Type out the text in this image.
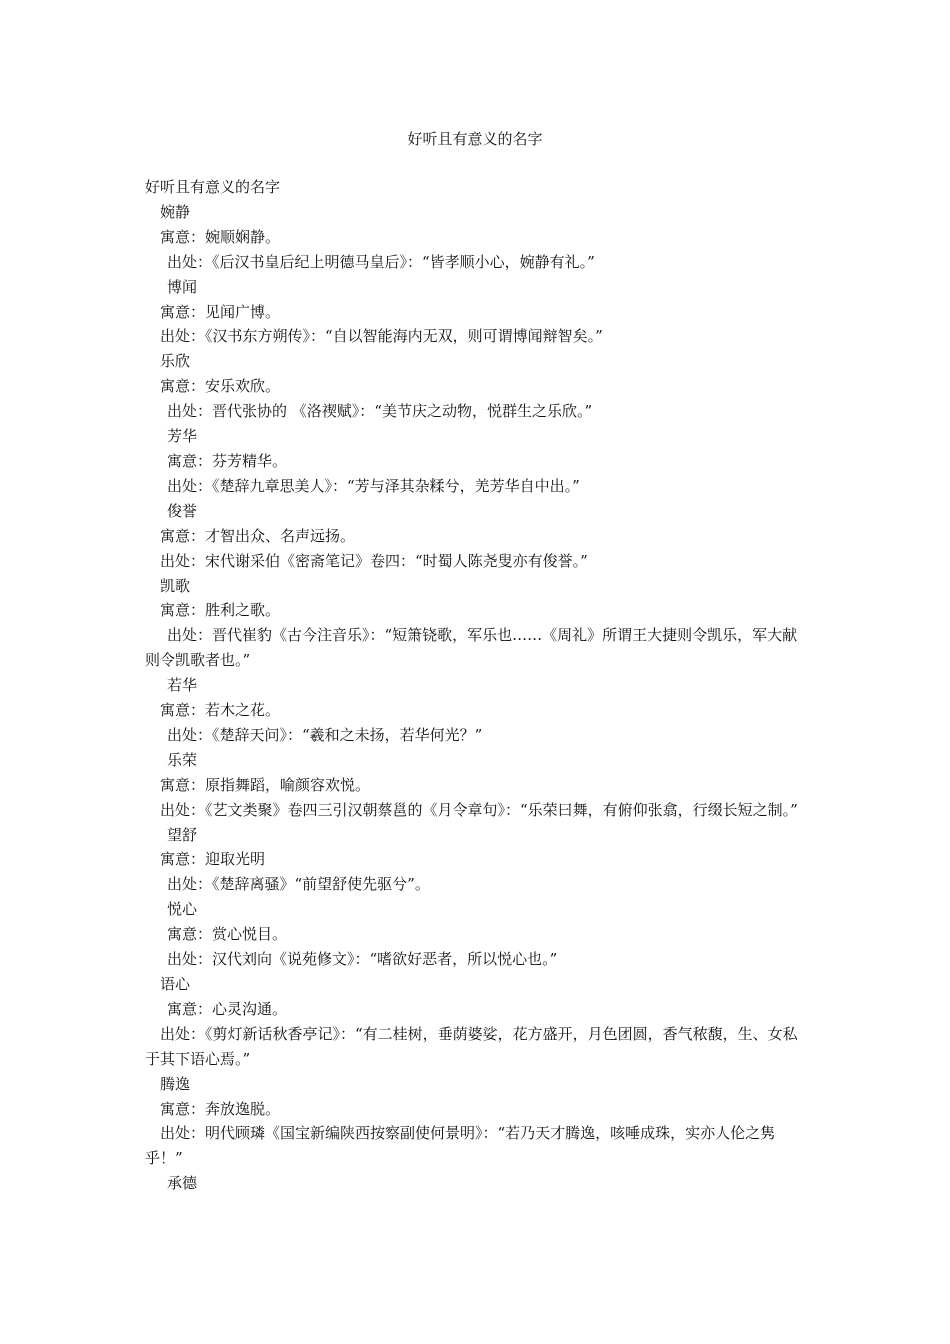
好听且有意义的名字
好听且有意义的名字
婉静
寓意：婉顺娴静。
出处：《后汉书皇后纪上明德马皇后》：“皆孝顺小心，婉静有礼。”
博闻
寓意：见闻广博。
出处：《汉书东方朔传》：“自以智能海内无双，则可谓博闻辩智矣。”
乐欣
寓意：安乐欢欣。
出处：晋代张协的 《洛禊赋》：“美节庆之动物，悦群生之乐欣。”
芳华
寓意：芬芳精华。
出处：《楚辞九章思美人》：“芳与泽其杂糅兮，羌芳华自中出。”
俊誉
寓意：才智出众、名声远扬。
出处：宋代谢采伯《密斋笔记》卷四：“时蜀人陈尧叟亦有俊誉。”
凯歌
寓意：胜利之歌。
出处：晋代崔豹《古今注音乐》：“短箫铙歌，军乐也……《周礼》所谓王大捷则令凯乐，军大献则令凯歌者也。”
若华
寓意：若木之花。
出处：《楚辞天问》：“羲和之未扬，若华何光？”
乐荣
寓意：原指舞蹈，喻颜容欢悦。
出处：《艺文类聚》卷四三引汉朝蔡邕的《月令章句》：“乐荣曰舞，有俯仰张翕，行缀长短之制。”
望舒
寓意：迎取光明
出处：《楚辞离骚》“前望舒使先驱兮”。
悦心
寓意：赏心悦目。
出处：汉代刘向《说苑修文》：“嗜欲好恶者，所以悦心也。”
语心
寓意：心灵沟通。
出处：《剪灯新话秋香亭记》：“有二桂树，垂荫婆娑，花方盛开，月色团圆，香气秾馥，生、女私于其下语心焉。”
腾逸
寓意：奔放逸脱。
出处：明代顾璘《国宝新编陕西按察副使何景明》：“若乃天才腾逸，咳唾成珠，实亦人伦之隽乎！”
承德
